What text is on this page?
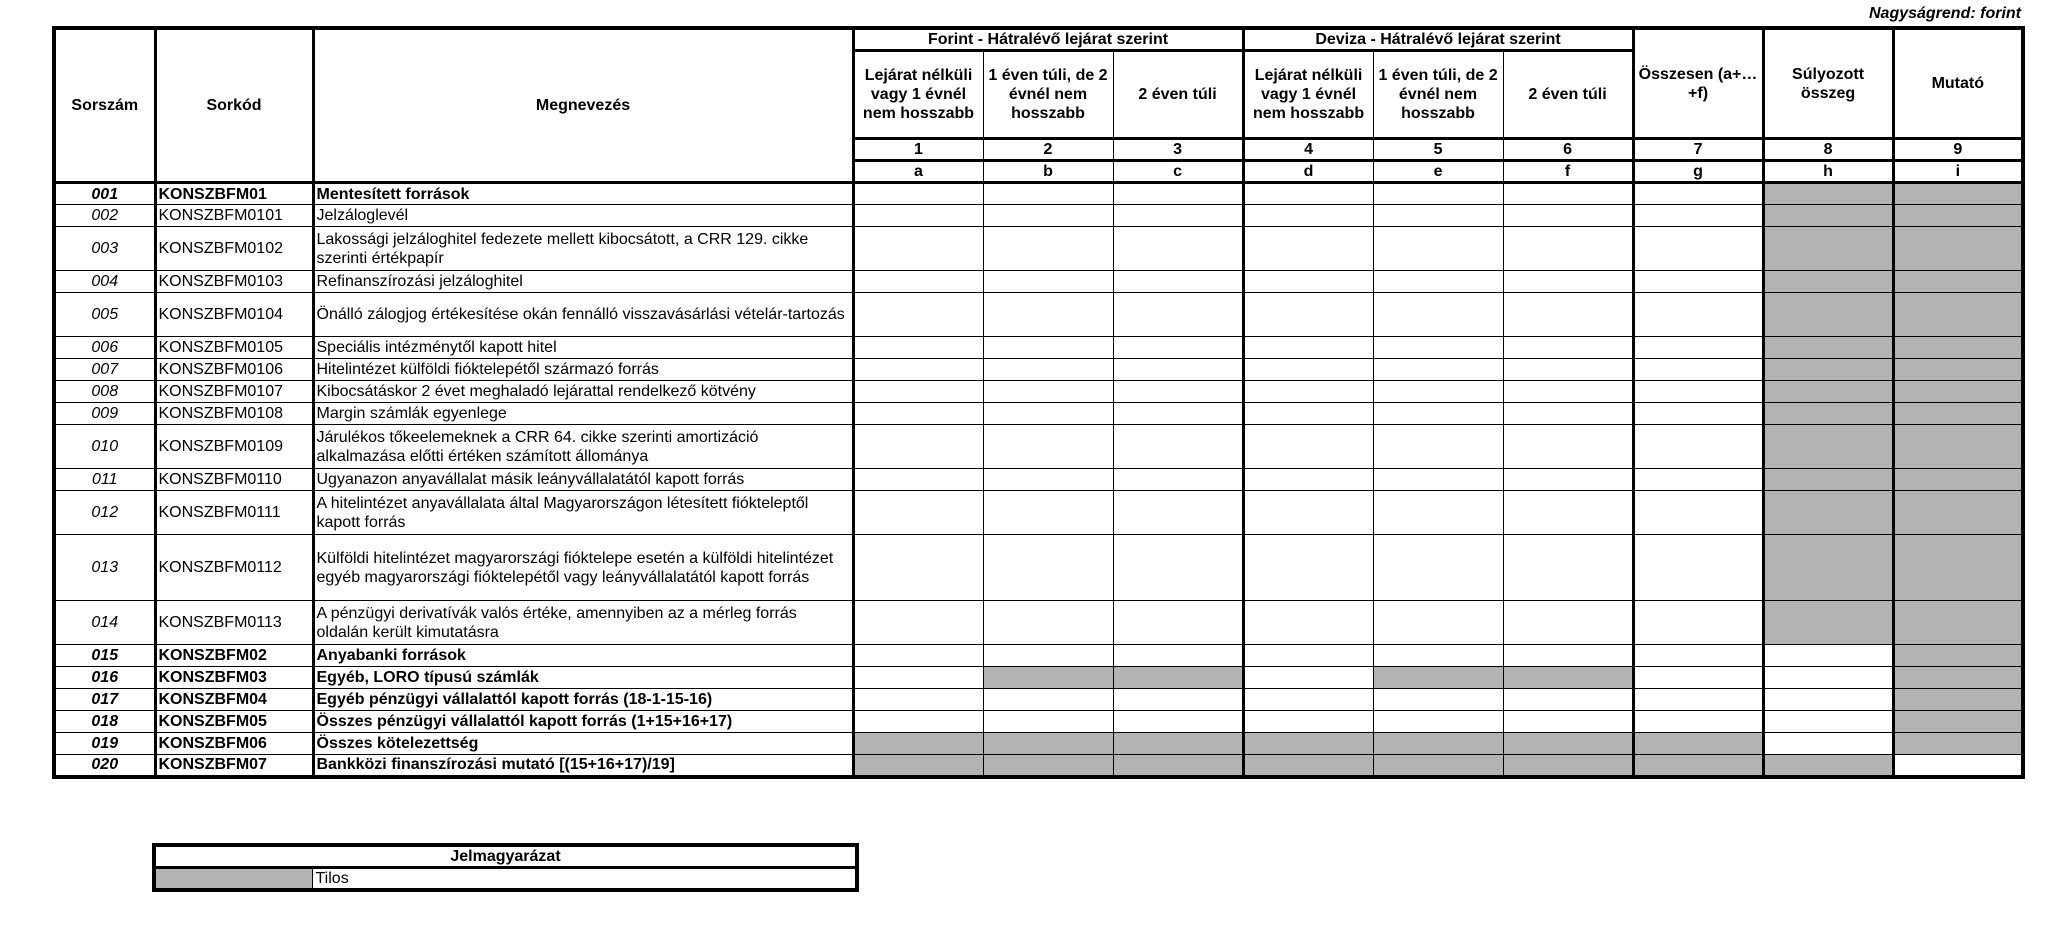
Nagyságrend: forint
Sorszám	Sorkód	Megnevezés	Forint - Hátralévő lejárat szerint			Deviza - Hátralévő lejárat szerint			Összesen (a+…+f)	Súlyozott összeg	Mutató
			Lejárat nélküli vagy 1 évnél nem hosszabb	1 éven túli, de 2 évnél nem hosszabb	2 éven túli	Lejárat nélküli vagy 1 évnél nem hosszabb	1 éven túli, de 2 évnél nem hosszabb	2 éven túli			
			1	2	3	4	5	6	7	8	9
			a	b	c	d	e	f	g	h	i
001	KONSZBFM01	Mentesített források									
002	KONSZBFM0101	Jelzáloglevél									
003	KONSZBFM0102	Lakossági jelzáloghitel fedezete mellett kibocsátott, a CRR 129. cikke szerinti értékpapír									
004	KONSZBFM0103	Refinanszírozási jelzáloghitel									
005	KONSZBFM0104	Önálló zálogjog értékesítése okán fennálló visszavásárlási vételár-tartozás									
006	KONSZBFM0105	Speciális intézménytől kapott hitel									
007	KONSZBFM0106	Hitelintézet külföldi fióktelepétől származó forrás									
008	KONSZBFM0107	Kibocsátáskor 2 évet meghaladó lejárattal rendelkező kötvény									
009	KONSZBFM0108	Margin számlák egyenlege									
010	KONSZBFM0109	Járulékos tőkeelemeknek a CRR 64. cikke szerinti amortizáció alkalmazása előtti értéken számított állománya									
011	KONSZBFM0110	Ugyanazon anyavállalat másik leányvállalatától kapott forrás									
012	KONSZBFM0111	A hitelintézet anyavállalata által Magyarországon létesített fiókteleptől kapott forrás									
013	KONSZBFM0112	Külföldi hitelintézet magyarországi fióktelepe esetén a külföldi hitelintézet egyéb magyarországi fióktelepétől vagy leányvállalatától kapott forrás									
014	KONSZBFM0113	A pénzügyi derivatívák valós értéke, amennyiben az a mérleg forrás oldalán került kimutatásra									
015	KONSZBFM02	Anyabanki források									
016	KONSZBFM03	Egyéb, LORO típusú számlák									
017	KONSZBFM04	Egyéb pénzügyi vállalattól kapott forrás (18-1-15-16)									
018	KONSZBFM05	Összes pénzügyi vállalattól kapott forrás (1+15+16+17)									
019	KONSZBFM06	Összes kötelezettség									
020	KONSZBFM07	Bankközi finanszírozási mutató [(15+16+17)/19]									
Jelmagyarázat
	Tilos
